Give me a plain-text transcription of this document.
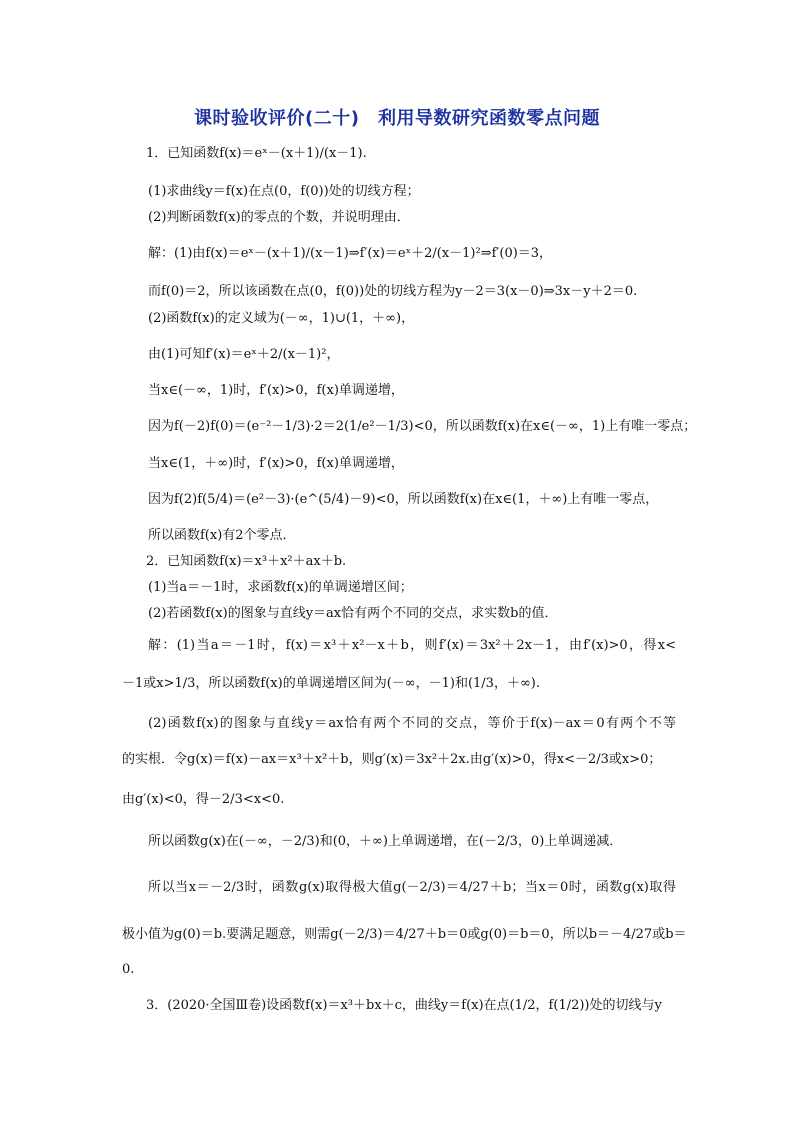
课时验收评价(二十)　利用导数研究函数零点问题
1．已知函数f(x)＝eˣ－(x＋1)/(x－1).
(1)求曲线y＝f(x)在点(0，f(0))处的切线方程；
(2)判断函数f(x)的零点的个数，并说明理由．
解：(1)由f(x)＝eˣ－(x＋1)/(x－1)⇒f′(x)＝eˣ＋2/(x－1)²⇒f′(0)＝3，
而f(0)＝2，所以该函数在点(0，f(0))处的切线方程为y－2＝3(x－0)⇒3x－y＋2＝0.
(2)函数f(x)的定义域为(－∞，1)∪(1，＋∞)，
由(1)可知f′(x)＝eˣ＋2/(x－1)²，
当x∈(－∞，1)时，f′(x)>0，f(x)单调递增，
因为f(－2)f(0)＝(e⁻²－1/3)·2＝2(1/e²－1/3)<0，所以函数f(x)在x∈(－∞，1)上有唯一零点；
当x∈(1，＋∞)时，f′(x)>0，f(x)单调递增，
因为f(2)f(5/4)＝(e²－3)·(e^(5/4)－9)<0，所以函数f(x)在x∈(1，＋∞)上有唯一零点，
所以函数f(x)有2个零点．
2．已知函数f(x)＝x³＋x²＋ax＋b.
(1)当a＝－1时，求函数f(x)的单调递增区间；
(2)若函数f(x)的图象与直线y＝ax恰有两个不同的交点，求实数b的值．
解：(1)当a＝－1时，f(x)＝x³＋x²－x＋b，则f′(x)＝3x²＋2x－1，由f′(x)>0，得x<
－1或x>1/3，所以函数f(x)的单调递增区间为(－∞，－1)和(1/3，＋∞).
(2)函数f(x)的图象与直线y＝ax恰有两个不同的交点，等价于f(x)－ax＝0有两个不等
的实根．令g(x)＝f(x)－ax＝x³＋x²＋b，则g′(x)＝3x²＋2x.由g′(x)>0，得x<－2/3或x>0；
由g′(x)<0，得－2/3<x<0.
所以函数g(x)在(－∞，－2/3)和(0，＋∞)上单调递增，在(－2/3，0)上单调递减．
所以当x＝－2/3时，函数g(x)取得极大值g(－2/3)＝4/27＋b；当x＝0时，函数g(x)取得
极小值为g(0)＝b.要满足题意，则需g(－2/3)＝4/27＋b＝0或g(0)＝b＝0，所以b＝－4/27或b＝
0.
3．(2020·全国Ⅲ卷)设函数f(x)＝x³＋bx＋c，曲线y＝f(x)在点(1/2，f(1/2))处的切线与y
